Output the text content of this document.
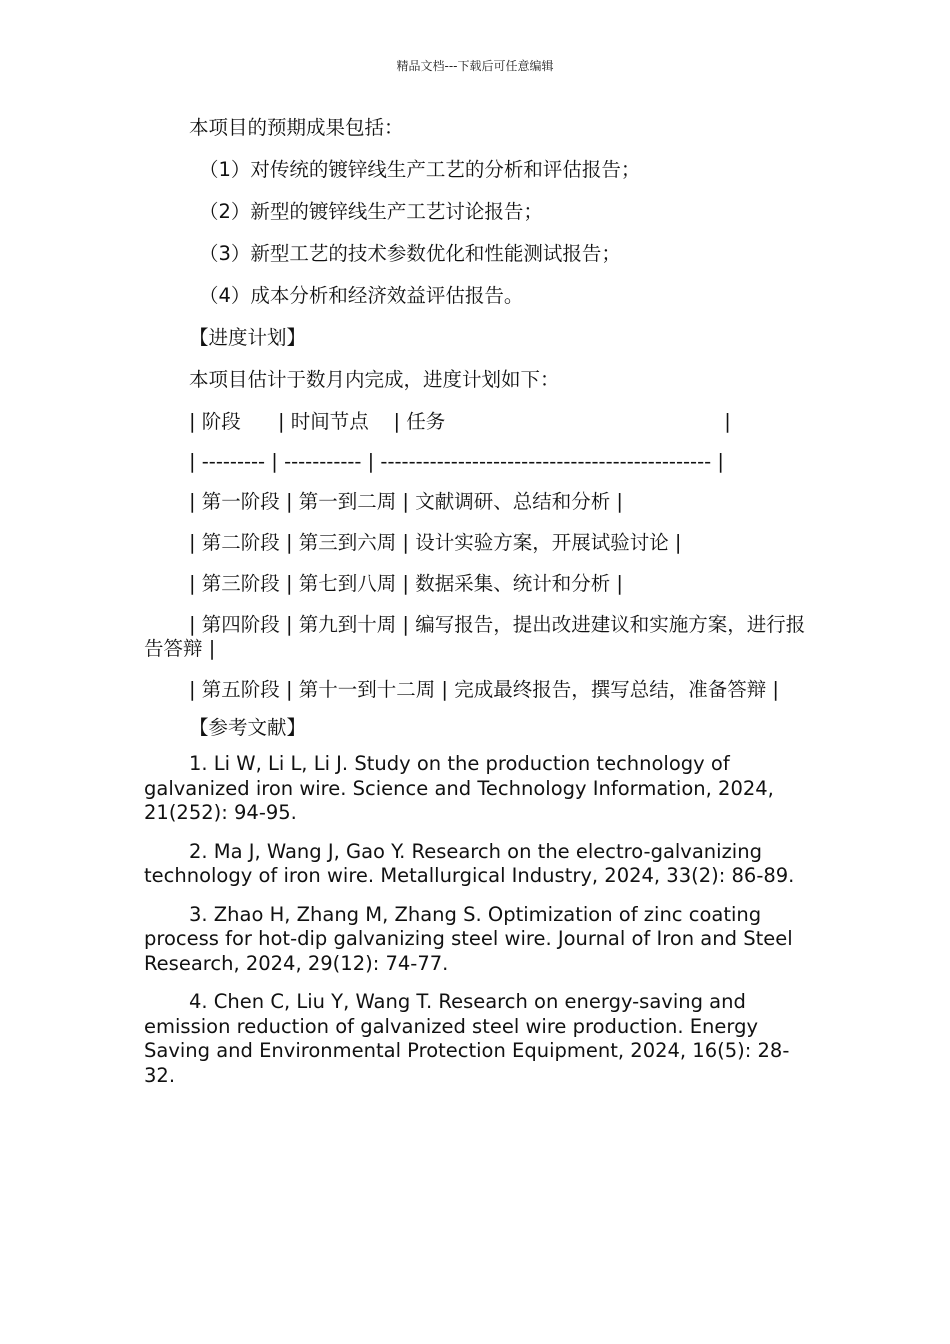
精品文档---下载后可任意编辑

本项目的预期成果包括：

（1）对传统的镀锌线生产工艺的分析和评估报告；

（2）新型的镀锌线生产工艺讨论报告；

（3）新型工艺的技术参数优化和性能测试报告；

（4）成本分析和经济效益评估报告。

【进度计划】

本项目估计于数月内完成，进度计划如下：

| 阶段      | 时间节点    | 任务                                             |

| --------- | ----------- | ----------------------------------------------- |

| 第一阶段 | 第一到二周 | 文献调研、总结和分析 |

| 第二阶段 | 第三到六周 | 设计实验方案，开展试验讨论 |

| 第三阶段 | 第七到八周 | 数据采集、统计和分析 |

| 第四阶段 | 第九到十周 | 编写报告，提出改进建议和实施方案，进行报告答辩 |

| 第五阶段 | 第十一到十二周 | 完成最终报告，撰写总结，准备答辩 |

【参考文献】

1. Li W, Li L, Li J. Study on the production technology of galvanized iron wire. Science and Technology Information, 2024, 21(252): 94-95.

2. Ma J, Wang J, Gao Y. Research on the electro-galvanizing technology of iron wire. Metallurgical Industry, 2024, 33(2): 86-89.

3. Zhao H, Zhang M, Zhang S. Optimization of zinc coating process for hot-dip galvanizing steel wire. Journal of Iron and Steel Research, 2024, 29(12): 74-77.

4. Chen C, Liu Y, Wang T. Research on energy-saving and emission reduction of galvanized steel wire production. Energy Saving and Environmental Protection Equipment, 2024, 16(5): 28-32.
